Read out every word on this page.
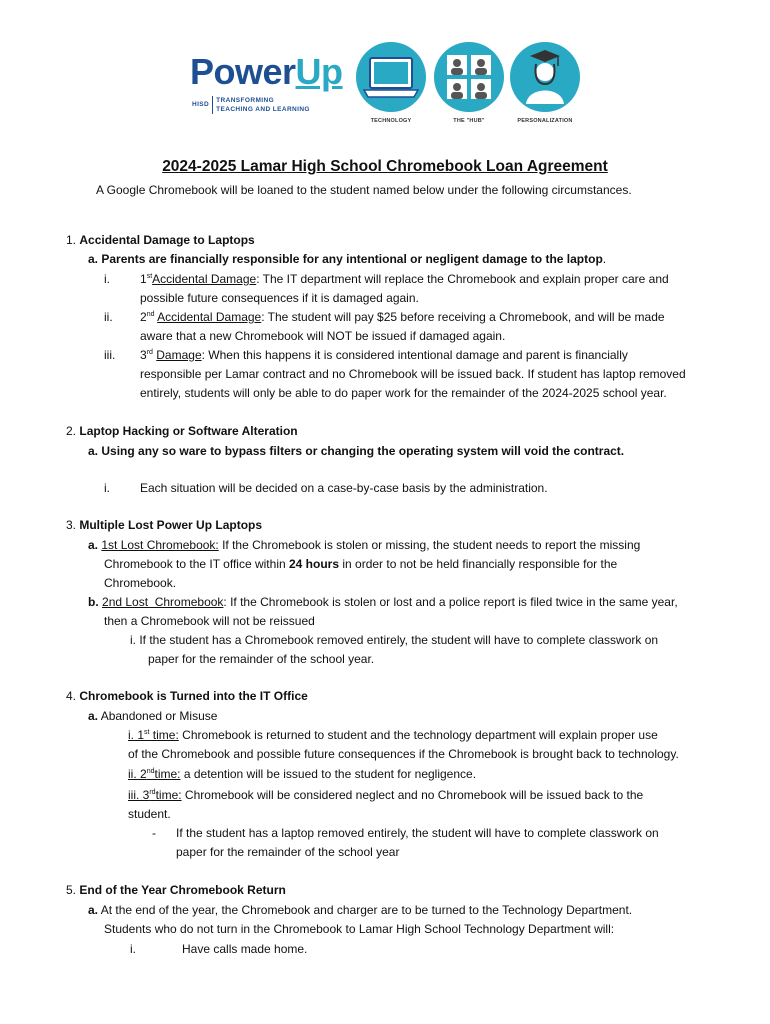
PowerUp
HISDTRANSFORMING
TEACHING AND LEARNING
TECHNOLOGY	THE "HUB"	PERSONALIZATION
2024-2025 Lamar High School Chromebook Loan Agreement
A Google Chromebook will be loaned to the student named below under the following circumstances.
1. Accidental Damage to Laptops
a. Parents are financially responsible for any intentional or negligent damage to the laptop.
i.	1stAccidental Damage: The IT department will replace the Chromebook and explain proper care and
possible future consequences if it is damaged again.
ii. 2nd Accidental Damage: The student will pay $25 before receiving a Chromebook, and will be made
aware that a new Chromebook will NOT be issued if damaged again.
iii. 3rd Damage: When this happens it is considered intentional damage and parent is financially
responsible per Lamar contract and no Chromebook will be issued back. If student has laptop removed
entirely, students will only be able to do paper work for the remainder of the 2024-2025 school year.
2. Laptop Hacking or Software Alteration
a. Using any so ware to bypass filters or changing the operating system will void the contract.
i.	Each situation will be decided on a case-by-case basis by the administration.
3. Multiple Lost Power Up Laptops
a. 1st Lost Chromebook: If the Chromebook is stolen or missing, the student needs to report the missing
Chromebook to the IT office within 24 hours in order to not be held financially responsible for the
Chromebook.
b. 2nd Lost  Chromebook: If the Chromebook is stolen or lost and a police report is filed twice in the same year,
then a Chromebook will not be reissued
i. If the student has a Chromebook removed entirely, the student will have to complete classwork on
paper for the remainder of the school year.
4. Chromebook is Turned into the IT Office
a. Abandoned or Misuse
i. 1st time: Chromebook is returned to student and the technology department will explain proper use
of the Chromebook and possible future consequences if the Chromebook is brought back to technology.
ii. 2ndtime: a detention will be issued to the student for negligence.
iii. 3rdtime: Chromebook will be considered neglect and no Chromebook will be issued back to the
student.
- If the student has a laptop removed entirely, the student will have to complete classwork on
paper for the remainder of the school year
5. End of the Year Chromebook Return
a. At the end of the year, the Chromebook and charger are to be turned to the Technology Department.
Students who do not turn in the Chromebook to Lamar High School Technology Department will:
i.	Have calls made home.
